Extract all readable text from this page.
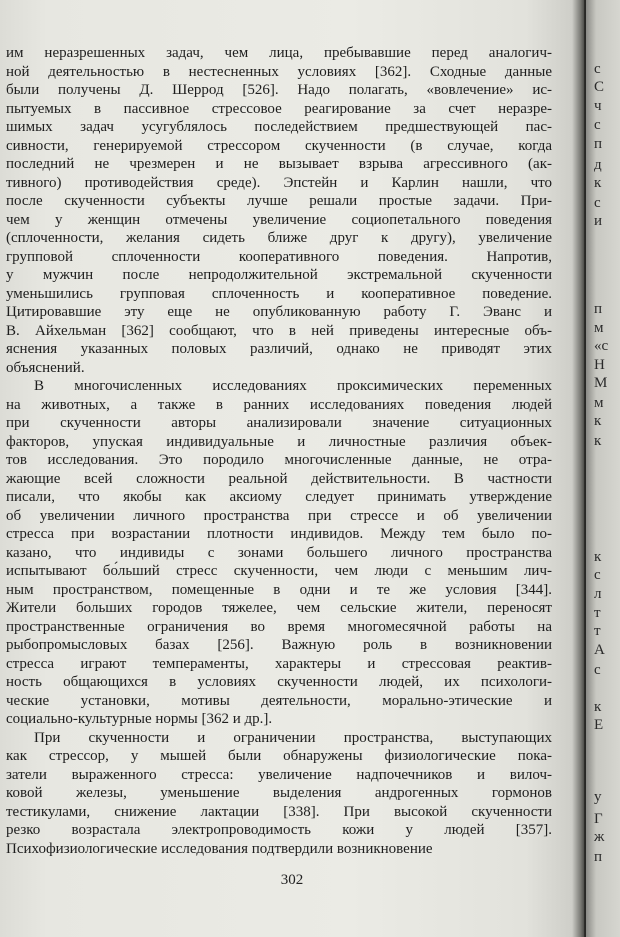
им неразрешенных задач, чем лица, пребывавшие перед аналогич-
ной деятельностью в нестесненных условиях [362]. Сходные данные
были получены Д. Шеррод [526]. Надо полагать, «вовлечение» ис-
пытуемых в пассивное стрессовое реагирование за счет неразре-
шимых задач усугублялось последействием предшествующей пас-
сивности, генерируемой стрессором скученности (в случае, когда
последний не чрезмерен и не вызывает взрыва агрессивного (ак-
тивного) противодействия среде). Эпстейн и Карлин нашли, что
после скученности субъекты лучше решали простые задачи. При-
чем у женщин отмечены увеличение социопетального поведения
(сплоченности, желания сидеть ближе друг к другу), увеличение
групповой сплоченности кооперативного поведения. Напротив,
у мужчин после непродолжительной экстремальной скученности
уменьшились групповая сплоченность и кооперативное поведение.
Цитировавшие эту еще не опубликованную работу Г. Эванс и
В. Айхельман [362] сообщают, что в ней приведены интересные объ-
яснения указанных половых различий, однако не приводят этих
объяснений.
В многочисленных исследованиях проксимических переменных
на животных, а также в ранних исследованиях поведения людей
при скученности авторы анализировали значение ситуационных
факторов, упуская индивидуальные и личностные различия объек-
тов исследования. Это породило многочисленные данные, не отра-
жающие всей сложности реальной действительности. В частности
писали, что якобы как аксиому следует принимать утверждение
об увеличении личного пространства при стрессе и об увеличении
стресса при возрастании плотности индивидов. Между тем было по-
казано, что индивиды с зонами большего личного пространства
испытывают бо́льший стресс скученности, чем люди с меньшим лич-
ным пространством, помещенные в одни и те же условия [344].
Жители больших городов тяжелее, чем сельские жители, переносят
пространственные ограничения во время многомесячной работы на
рыбопромысловых базах [256]. Важную роль в возникновении
стресса играют темпераменты, характеры и стрессовая реактив-
ность общающихся в условиях скученности людей, их психологи-
ческие установки, мотивы деятельности, морально-этические и
социально-культурные нормы [362 и др.].
При скученности и ограничении пространства, выступающих
как стрессор, у мышей были обнаружены физиологические пока-
затели выраженного стресса: увеличение надпочечников и вилоч-
ковой железы, уменьшение выделения андрогенных гормонов
тестикулами, снижение лактации [338]. При высокой скученности
резко возрастала электропроводимость кожи у людей [357].
Психофизиологические исследования подтвердили возникновение
302
с
С
ч
с
п
д
к
с
и
п
м
«с
Н
М
м
к
к
к
с
л
т
т
А
с
к
Е
у
Г
ж
п
